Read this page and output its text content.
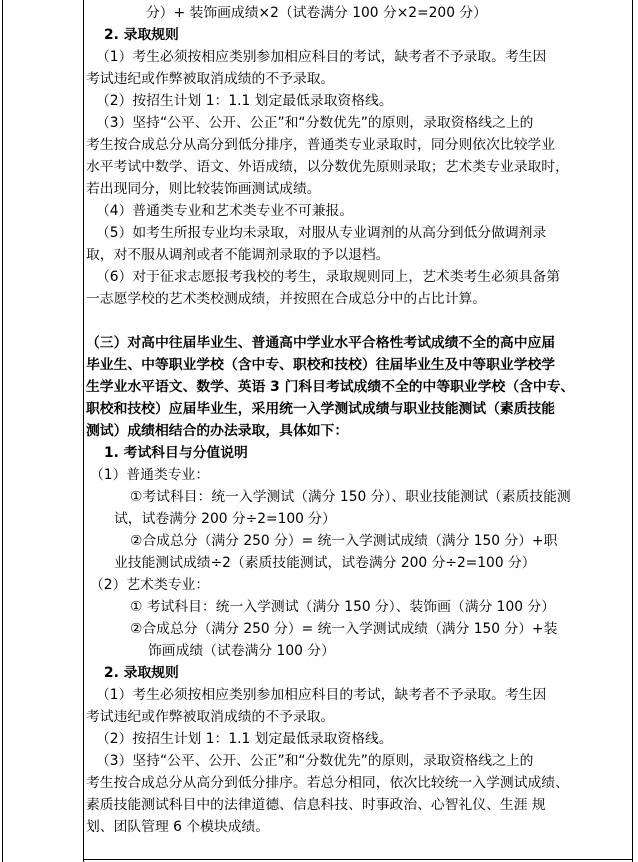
分）+ 装饰画成绩×2（试卷满分 100 分×2=200 分）
2. 录取规则
（1）考生必须按相应类别参加相应科目的考试，缺考者不予录取。考生因
考试违纪或作弊被取消成绩的不予录取。
（2）按招生计划 1：1.1 划定最低录取资格线。
（3）坚持“公平、公开、公正”和“分数优先”的原则，录取资格线之上的
考生按合成总分从高分到低分排序，普通类专业录取时，同分则依次比较学业
水平考试中数学、语文、外语成绩，以分数优先原则录取；艺术类专业录取时，
若出现同分，则比较装饰画测试成绩。
（4）普通类专业和艺术类专业不可兼报。
（5）如考生所报专业均未录取，对服从专业调剂的从高分到低分做调剂录
取，对不服从调剂或者不能调剂录取的予以退档。
（6）对于征求志愿报考我校的考生，录取规则同上，艺术类考生必须具备第
一志愿学校的艺术类校测成绩，并按照在合成总分中的占比计算。
（三）对高中往届毕业生、普通高中学业水平合格性考试成绩不全的高中应届
毕业生、中等职业学校（含中专、职校和技校）往届毕业生及中等职业学校学
生学业水平语文、数学、英语 3 门科目考试成绩不全的中等职业学校（含中专、
职校和技校）应届毕业生，采用统一入学测试成绩与职业技能测试（素质技能
测试）成绩相结合的办法录取，具体如下：
1. 考试科目与分值说明
（1）普通类专业：
①考试科目：统一入学测试（满分 150 分）、职业技能测试（素质技能测
试，试卷满分 200 分÷2=100 分）
②合成总分（满分 250 分）= 统一入学测试成绩（满分 150 分）+职
业技能测试成绩÷2（素质技能测试，试卷满分 200 分÷2=100 分）
（2）艺术类专业：
① 考试科目：统一入学测试（满分 150 分）、装饰画（满分 100 分）
②合成总分（满分 250 分）= 统一入学测试成绩（满分 150 分）+装
饰画成绩（试卷满分 100 分）
2. 录取规则
（1）考生必须按相应类别参加相应科目的考试，缺考者不予录取。考生因
考试违纪或作弊被取消成绩的不予录取。
（2）按招生计划 1：1.1 划定最低录取资格线。
（3）坚持“公平、公开、公正”和“分数优先”的原则，录取资格线之上的
考生按合成总分从高分到低分排序。若总分相同，依次比较统一入学测试成绩、
素质技能测试科目中的法律道德、信息科技、时事政治、心智礼仪、生涯 规
划、团队管理 6 个模块成绩。
